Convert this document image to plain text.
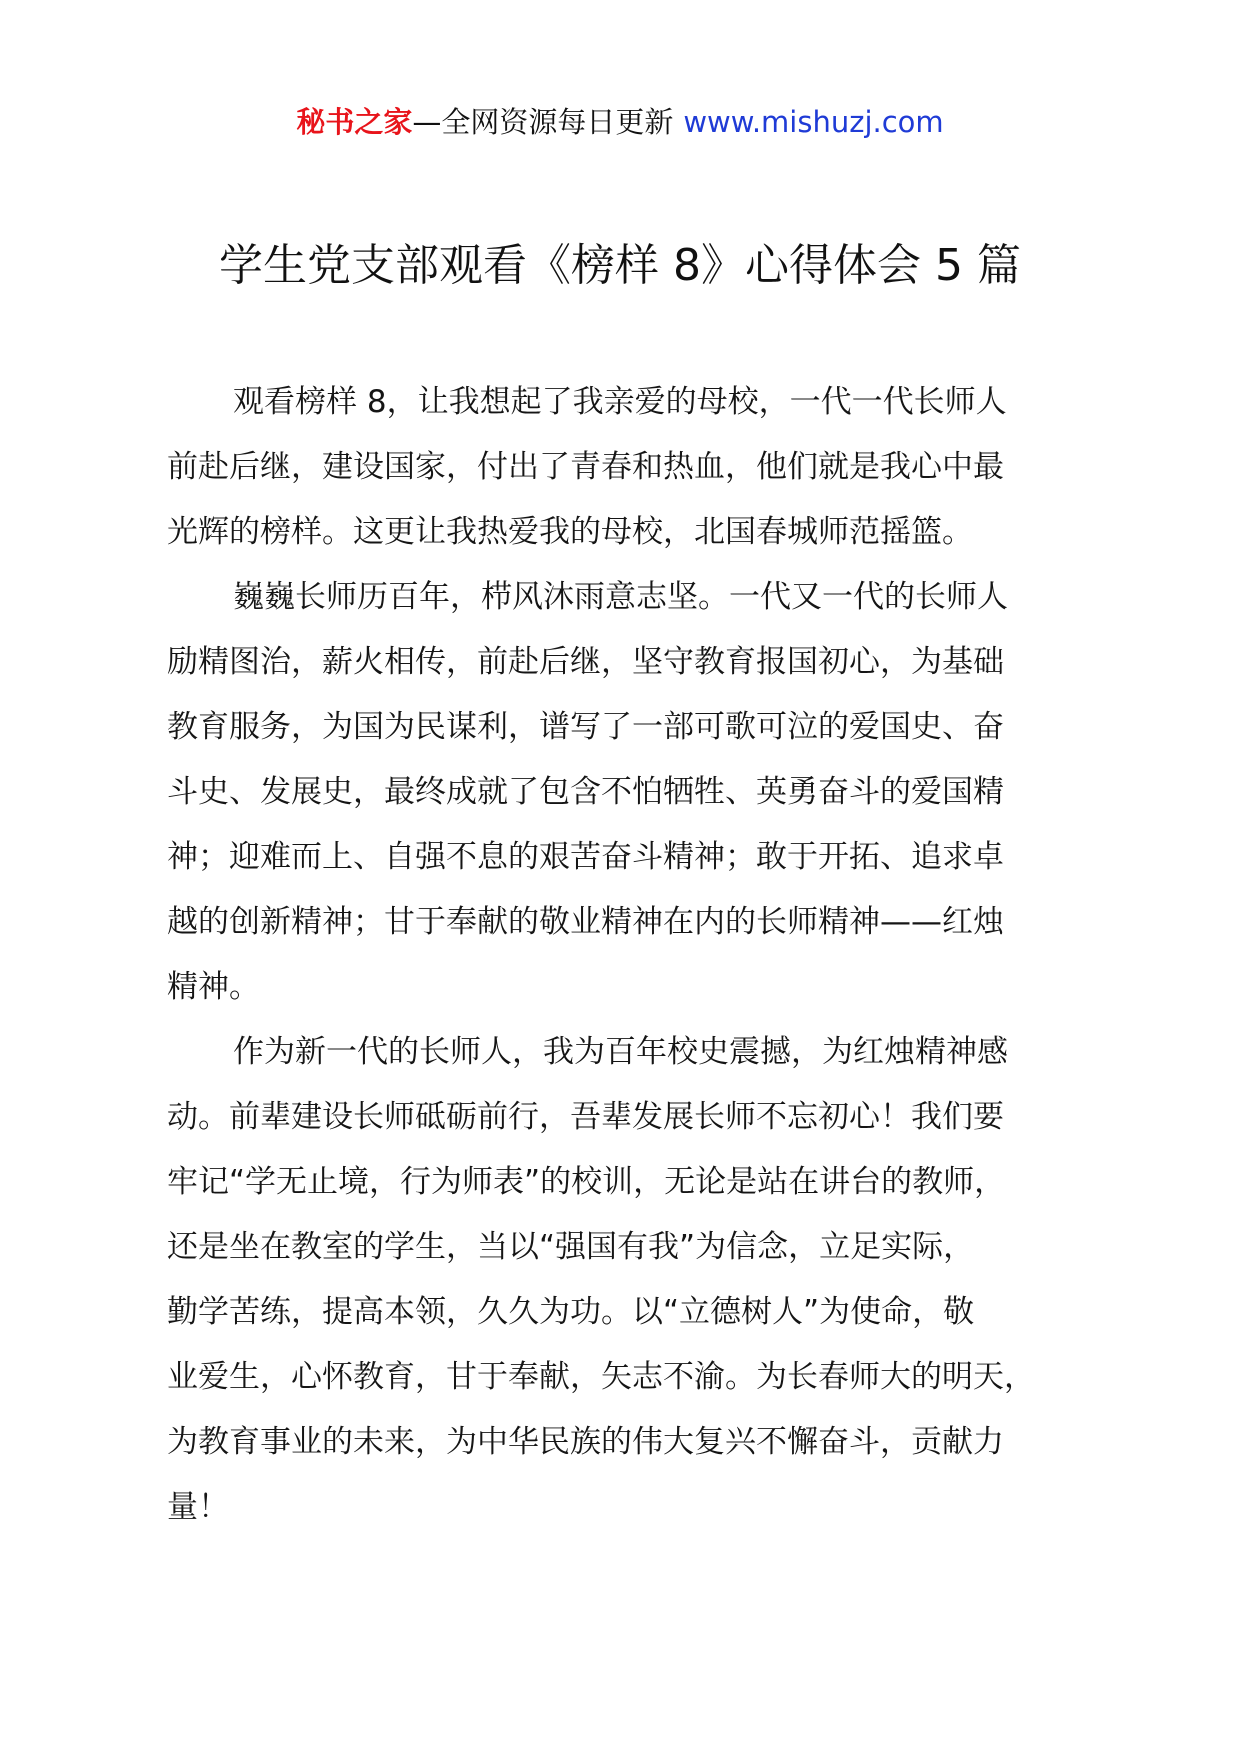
秘书之家—全网资源每日更新 www.mishuzj.com
学生党支部观看《榜样 8》心得体会 5 篇

观看榜样 8，让我想起了我亲爱的母校，一代一代长师人
前赴后继，建设国家，付出了青春和热血，他们就是我心中最
光辉的榜样。这更让我热爱我的母校，北国春城师范摇篮。

巍巍长师历百年，栉风沐雨意志坚。一代又一代的长师人
励精图治，薪火相传，前赴后继，坚守教育报国初心，为基础
教育服务，为国为民谋利，谱写了一部可歌可泣的爱国史、奋
斗史、发展史，最终成就了包含不怕牺牲、英勇奋斗的爱国精
神；迎难而上、自强不息的艰苦奋斗精神；敢于开拓、追求卓
越的创新精神；甘于奉献的敬业精神在内的长师精神——红烛
精神。

作为新一代的长师人，我为百年校史震撼，为红烛精神感
动。前辈建设长师砥砺前行，吾辈发展长师不忘初心！我们要
牢记“学无止境，行为师表”的校训，无论是站在讲台的教师，
还是坐在教室的学生，当以“强国有我”为信念，立足实际，
勤学苦练，提高本领，久久为功。以“立德树人”为使命，敬
业爱生，心怀教育，甘于奉献，矢志不渝。为长春师大的明天，
为教育事业的未来，为中华民族的伟大复兴不懈奋斗，贡献力
量！
